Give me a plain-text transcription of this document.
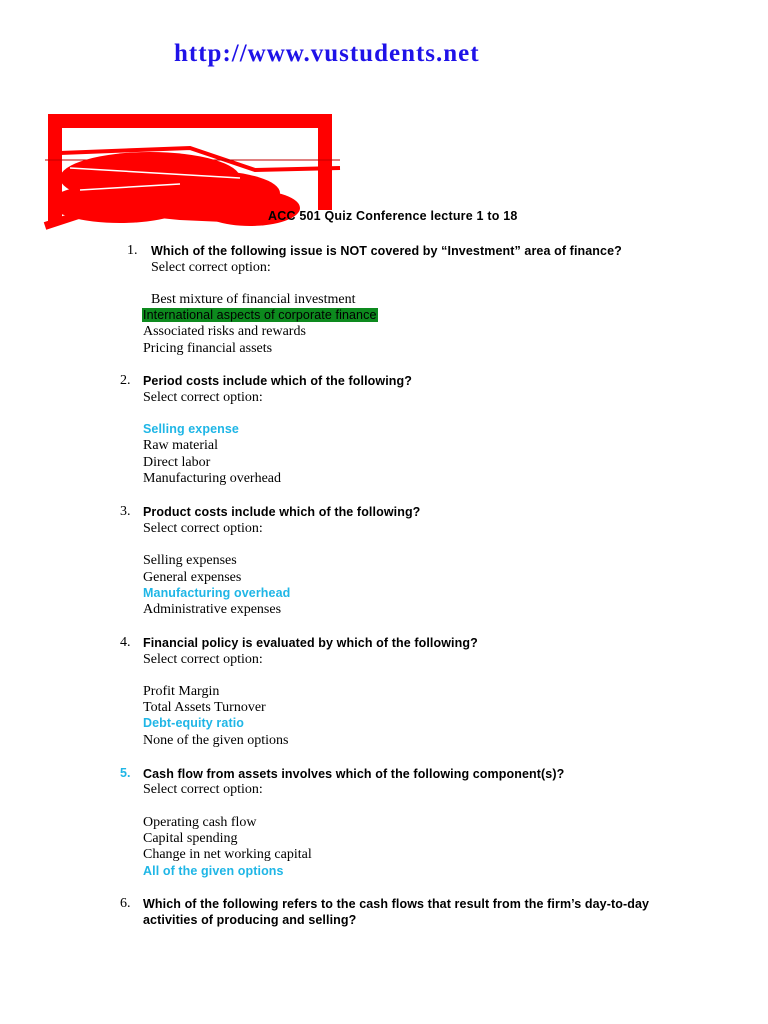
http://www.vustudents.net
ACC 501 Quiz Conference lecture 1 to 18
1. Which of the following issue is NOT covered by “Investment” area of finance?
Select correct option:
Best mixture of financial investment
International aspects of corporate finance
Associated risks and rewards
Pricing financial assets
2. Period costs include which of the following?
Select correct option:
Selling expense
Raw material
Direct labor
Manufacturing overhead
3. Product costs include which of the following?
Select correct option:
Selling expenses
General expenses
Manufacturing overhead
Administrative expenses
4. Financial policy is evaluated by which of the following?
Select correct option:
Profit Margin
Total Assets Turnover
Debt-equity ratio
None of the given options
5. Cash flow from assets involves which of the following component(s)?
Select correct option:
Operating cash flow
Capital spending
Change in net working capital
All of the given options
6. Which of the following refers to the cash flows that result from the firm’s day-to-day
activities of producing and selling?
